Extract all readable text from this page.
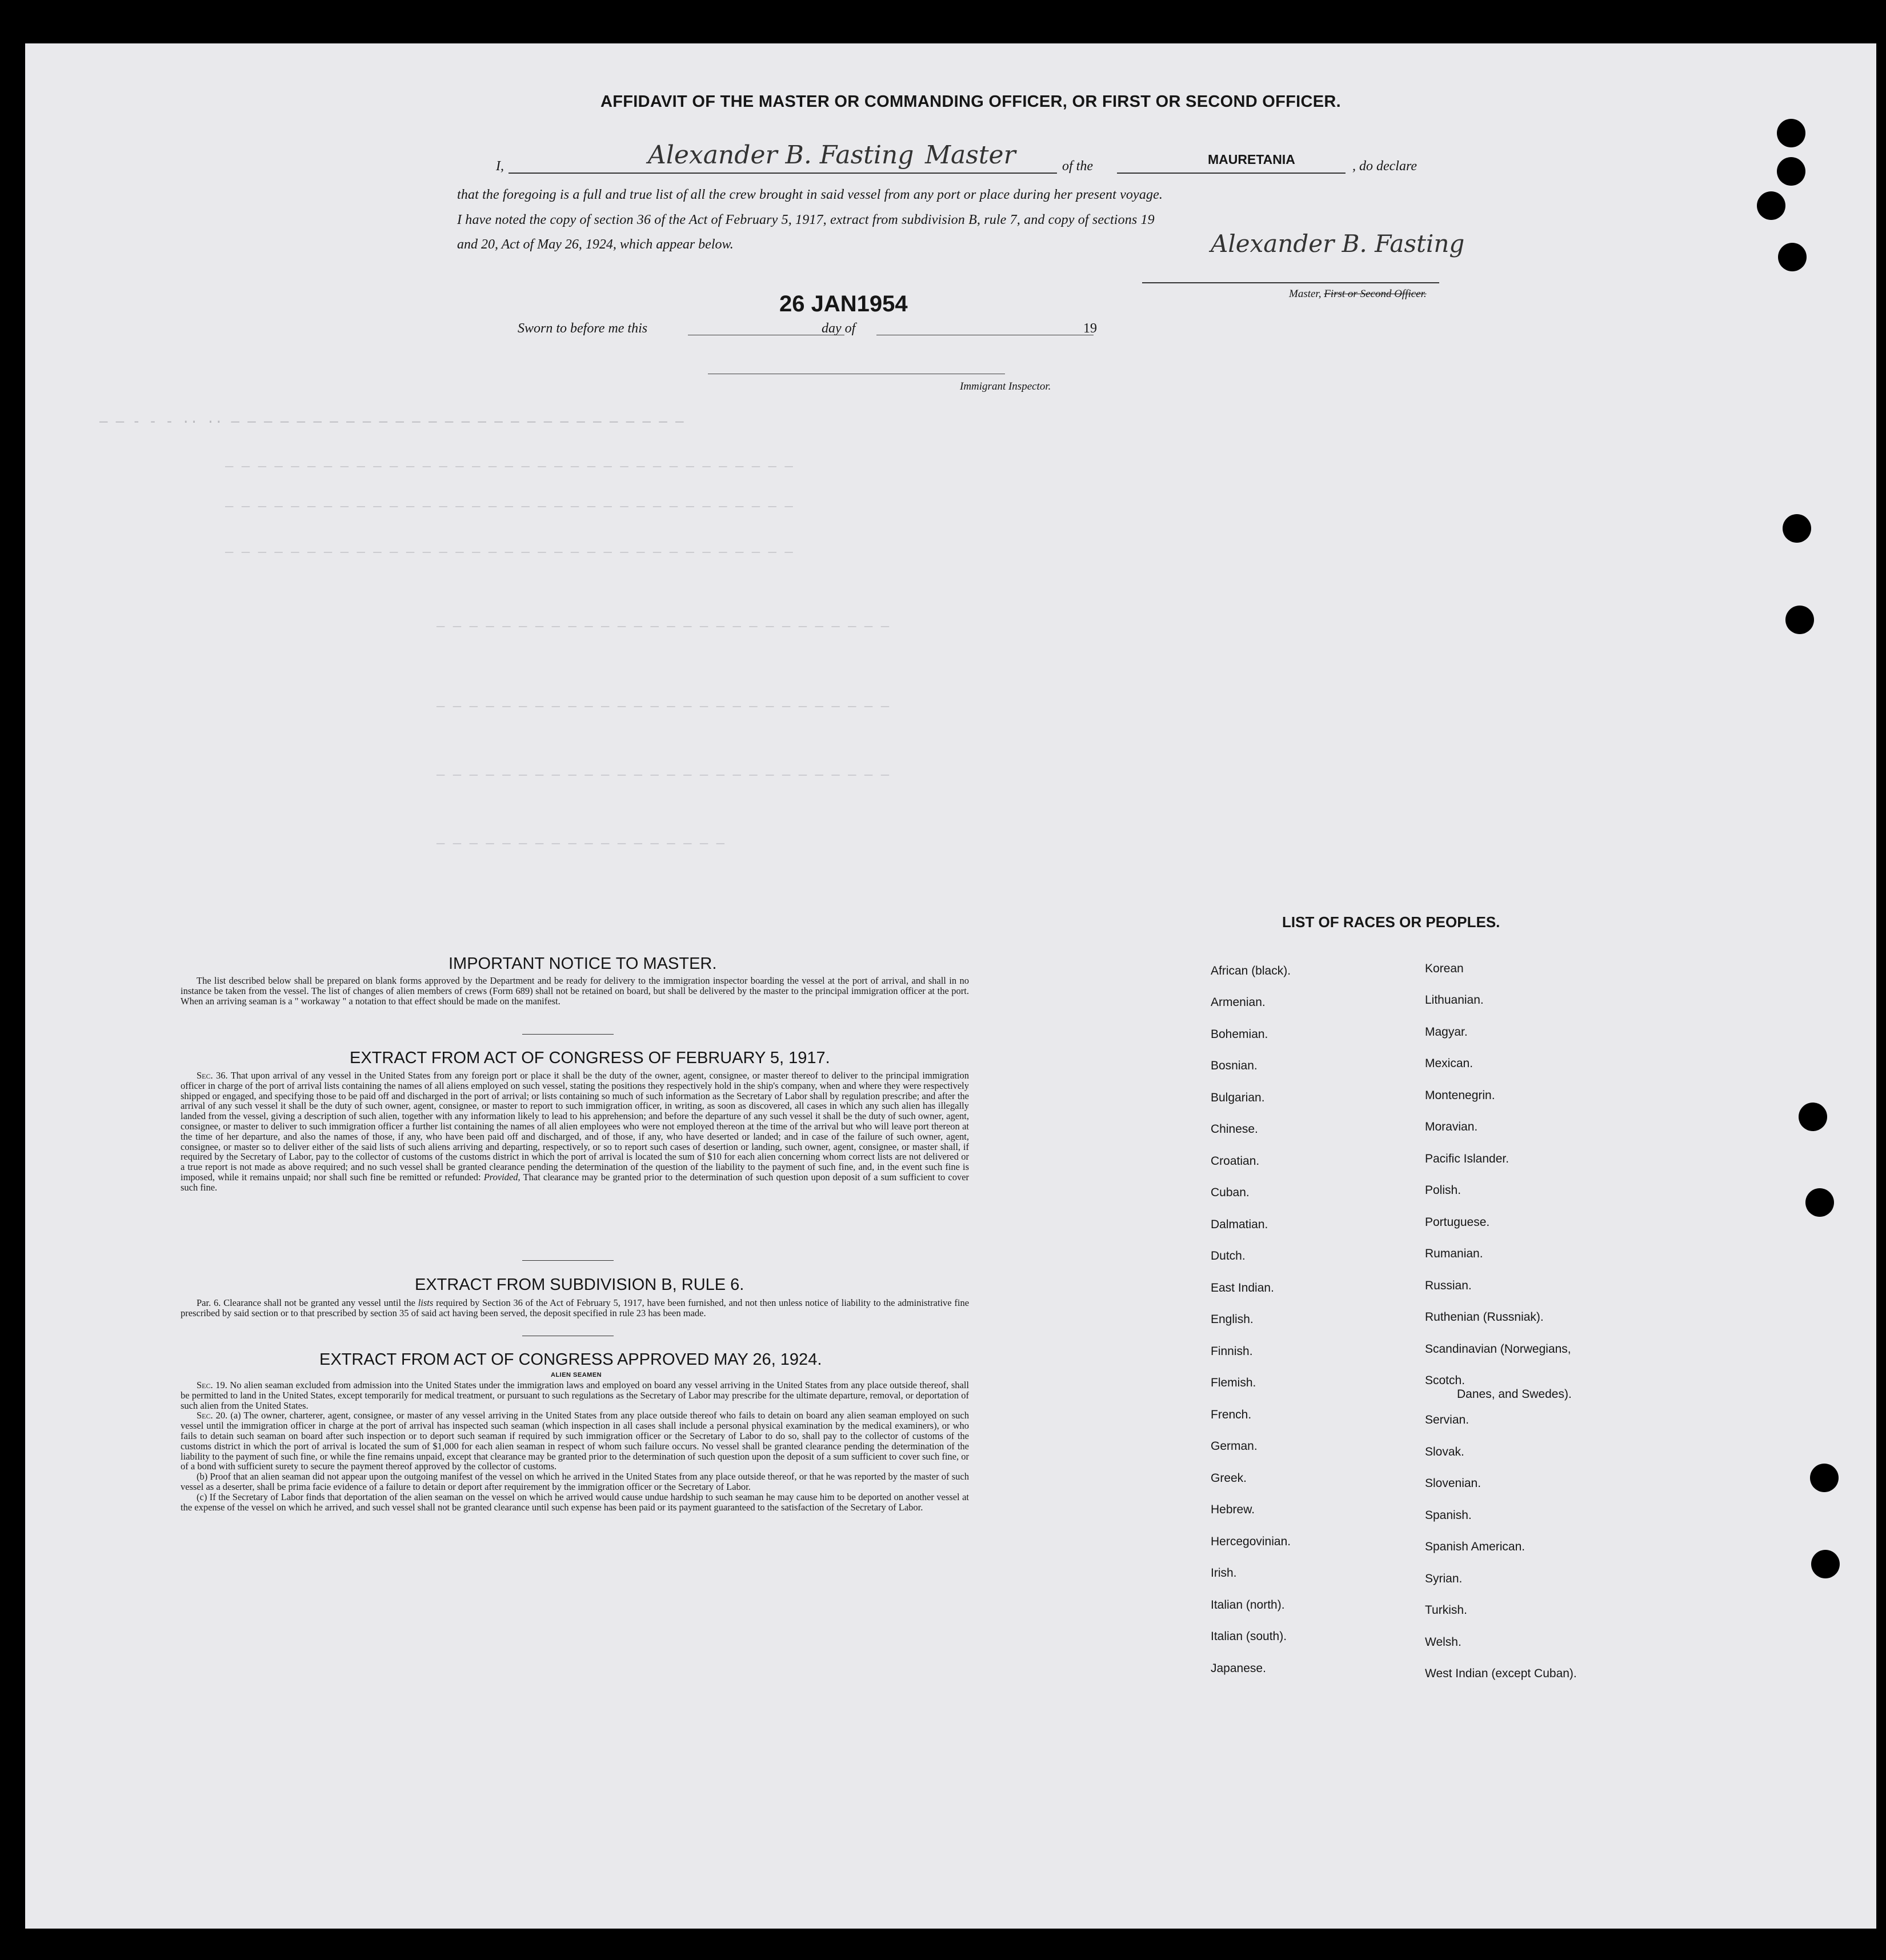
— — - - - ·· ·· — — — — — — — — — — — — — — — — — — — — — — — — — — — —
_ _ _ _ _ _ _ _ _ _ _ _ _ _ _ _ _ _ _ _ _ _ _ _ _ _ _ _ _ _ _ _ _ _ _
_ _ _ _ _ _ _ _ _ _ _ _ _ _ _ _ _ _ _ _ _ _ _ _ _ _ _ _ _ _ _ _ _ _ _
_ _ _ _ _ _ _ _ _ _ _ _ _ _ _ _ _ _ _ _ _ _ _ _ _ _ _ _ _ _ _ _ _ _ _
_ _ _ _ _ _ _ _ _ _ _ _ _ _ _ _ _ _ _ _ _ _ _ _ _ _ _ _
_ _ _ _ _ _ _ _ _ _ _ _ _ _ _ _ _ _ _ _ _ _ _ _ _ _ _ _
_ _ _ _ _ _ _ _ _ _ _ _ _ _ _ _ _ _ _ _ _ _ _ _ _ _ _ _
_ _ _ _ _ _ _ _ _ _ _ _ _ _ _ _ _ _
AFFIDAVIT OF THE MASTER OR COMMANDING OFFICER, OR FIRST OR SECOND OFFICER.
I,	Alexander B. Fasting Master	of the	MAURETANIA	, do declare
that the foregoing is a full and true list of all the crew brought in said vessel from any port or place during her present voyage.
I have noted the copy of section 36 of the Act of February 5, 1917, extract from subdivision B, rule 7, and copy of sections 19
and 20, Act of May 26, 1924, which appear below.	Alexander B. Fasting
Master, First or Second Officer.
26 JAN1954
Sworn to before me this	day of	19
Immigrant Inspector.
IMPORTANT NOTICE TO MASTER.

The list described below shall be prepared on blank forms approved by the Department and be ready for delivery to the immigration inspector boarding the vessel at the port of arrival, and shall in no instance be taken from the vessel. The list of changes of alien members of crews (Form 689) shall not be retained on board, but shall be delivered by the master to the principal immigration officer at the port. When an arriving seaman is a " workaway " a notation to that effect should be made on the manifest.

EXTRACT FROM ACT OF CONGRESS OF FEBRUARY 5, 1917.

Sec. 36. That upon arrival of any vessel in the United States from any foreign port or place it shall be the duty of the owner, agent, consignee, or master thereof to deliver to the principal immigration officer in charge of the port of arrival lists containing the names of all aliens employed on such vessel, stating the positions they respectively hold in the ship's company, when and where they were respectively shipped or engaged, and specifying those to be paid off and discharged in the port of arrival; or lists containing so much of such information as the Secretary of Labor shall by regulation prescribe; and after the arrival of any such vessel it shall be the duty of such owner, agent, consignee, or master to report to such immigration officer, in writing, as soon as discovered, all cases in which any such alien has illegally landed from the vessel, giving a description of such alien, together with any information likely to lead to his apprehension; and before the departure of any such vessel it shall be the duty of such owner, agent, consignee, or master to deliver to such immigration officer a further list containing the names of all alien employees who were not employed thereon at the time of the arrival but who will leave port thereon at the time of her departure, and also the names of those, if any, who have been paid off and discharged, and of those, if any, who have deserted or landed; and in case of the failure of such owner, agent, consignee, or master so to deliver either of the said lists of such aliens arriving and departing, respectively, or so to report such cases of desertion or landing, such owner, agent, consignee, or master shall, if required by the Secretary of Labor, pay to the collector of customs of the customs district in which the port of arrival is located the sum of $10 for each alien concerning whom correct lists are not delivered or a true report is not made as above required; and no such vessel shall be granted clearance pending the determination of the question of the liability to the payment of such fine, and, in the event such fine is imposed, while it remains unpaid; nor shall such fine be remitted or refunded: Provided, That clearance may be granted prior to the determination of such question upon deposit of a sum sufficient to cover such fine.

EXTRACT FROM SUBDIVISION B, RULE 6.

Par. 6. Clearance shall not be granted any vessel until the lists required by Section 36 of the Act of February 5, 1917, have been furnished, and not then unless notice of liability to the administrative fine prescribed by said section or to that prescribed by section 35 of said act having been served, the deposit specified in rule 23 has been made.

EXTRACT FROM ACT OF CONGRESS APPROVED MAY 26, 1924.
ALIEN SEAMEN

Sec. 19. No alien seaman excluded from admission into the United States under the immigration laws and employed on board any vessel arriving in the United States from any place outside thereof, shall be permitted to land in the United States, except temporarily for medical treatment, or pursuant to such regulations as the Secretary of Labor may prescribe for the ultimate departure, removal, or deportation of such alien from the United States.

Sec. 20. (a) The owner, charterer, agent, consignee, or master of any vessel arriving in the United States from any place outside thereof who fails to detain on board any alien seaman employed on such vessel until the immigration officer in charge at the port of arrival has inspected such seaman (which inspection in all cases shall include a personal physical examination by the medical examiners), or who fails to detain such seaman on board after such inspection or to deport such seaman if required by such immigration officer or the Secretary of Labor to do so, shall pay to the collector of customs of the customs district in which the port of arrival is located the sum of $1,000 for each alien seaman in respect of whom such failure occurs. No vessel shall be granted clearance pending the determination of the liability to the payment of such fine, or while the fine remains unpaid, except that clearance may be granted prior to the determination of such question upon the deposit of a sum sufficient to cover such fine, or of a bond with sufficient surety to secure the payment thereof approved by the collector of customs.

(b) Proof that an alien seaman did not appear upon the outgoing manifest of the vessel on which he arrived in the United States from any place outside thereof, or that he was reported by the master of such vessel as a deserter, shall be prima facie evidence of a failure to detain or deport after requirement by the immigration officer or the Secretary of Labor.

(c) If the Secretary of Labor finds that deportation of the alien seaman on the vessel on which he arrived would cause undue hardship to such seaman he may cause him to be deported on another vessel at the expense of the vessel on which he arrived, and such vessel shall not be granted clearance until such expense has been paid or its payment guaranteed to the satisfaction of the Secretary of Labor.

LIST OF RACES OR PEOPLES.
African (black).
Armenian.
Bohemian.
Bosnian.
Bulgarian.
Chinese.
Croatian.
Cuban.
Dalmatian.
Dutch.
East Indian.
English.
Finnish.
Flemish.
French.
German.
Greek.
Hebrew.
Hercegovinian.
Irish.
Italian (north).
Italian (south).
Japanese.
Korean
Lithuanian.
Magyar.
Mexican.
Montenegrin.
Moravian.
Pacific Islander.
Polish.
Portuguese.
Rumanian.
Russian.
Ruthenian (Russniak).
Scandinavian (Norwegians,
Scotch.
Danes, and Swedes).
Servian.
Slovak.
Slovenian.
Spanish.
Spanish American.
Syrian.
Turkish.
Welsh.
West Indian (except Cuban).
